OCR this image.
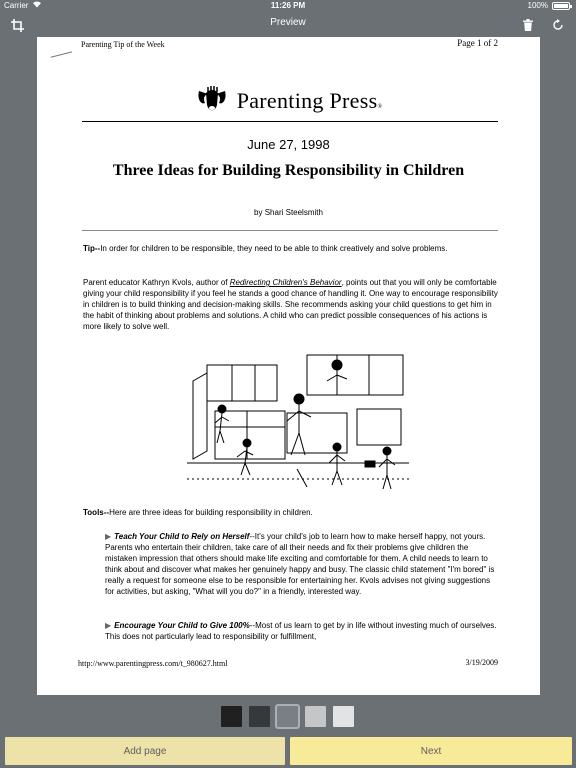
Carrier	11:26 PM	100%
Preview
Parenting Tip of the Week	Page 1 of 2
Parenting Press®
June 27, 1998
Three Ideas for Building Responsibility in Children
by Shari Steelsmith
Tip--In order for children to be responsible, they need to be able to think creatively and solve problems.
Parent educator Kathryn Kvols, author of Redirecting Children's Behavior, points out that you will only be comfortable giving your child responsibility if you feel he stands a good chance of handling it. One way to encourage responsibility in children is to build thinking and decision-making skills. She recommends asking your child questions to get him in the habit of thinking about problems and solutions. A child who can predict possible consequences of his actions is more likely to solve well.
Tools--Here are three ideas for building responsibility in children.
▶ Teach Your Child to Rely on Herself--It's your child's job to learn how to make herself happy, not yours. Parents who entertain their children, take care of all their needs and fix their problems give children the mistaken impression that others should make life exciting and comfortable for them. A child needs to learn to think about and discover what makes her genuinely happy and busy. The classic child statement "I'm bored" is really a request for someone else to be responsible for entertaining her. Kvols advises not giving suggestions for activities, but asking, "What will you do?" in a friendly, interested way.
▶ Encourage Your Child to Give 100%--Most of us learn to get by in life without investing much of ourselves. This does not particularly lead to responsibility or fulfillment,
http://www.parentingpress.com/t_980627.html	3/19/2009
Add page	Next
